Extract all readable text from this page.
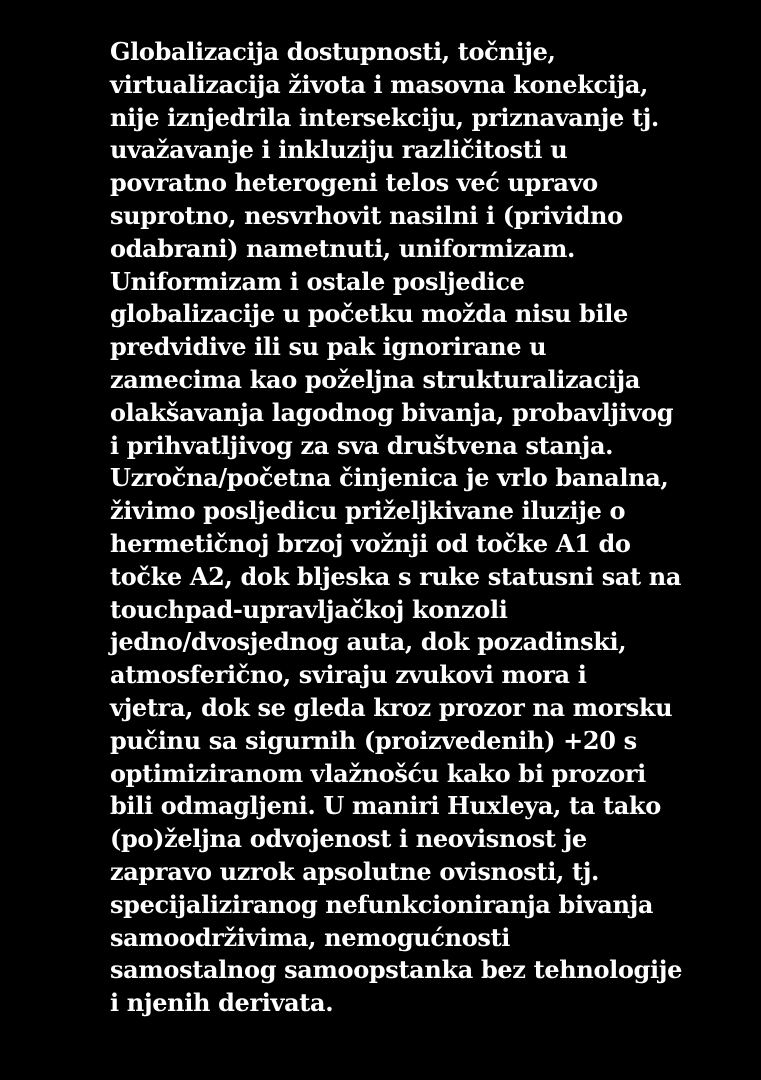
Globalizacija dostupnosti, točnije,
virtualizacija života i masovna konekcija,
nije iznjedrila intersekciju, priznavanje tj.
uvažavanje i inkluziju različitosti u
povratno heterogeni telos već upravo
suprotno, nesvrhovit nasilni i (prividno
odabrani) nametnuti, uniformizam.
Uniformizam i ostale posljedice
globalizacije u početku možda nisu bile
predvidive ili su pak ignorirane u
zamecima kao poželjna strukturalizacija
olakšavanja lagodnog bivanja, probavljivog
i prihvatljivog za sva društvena stanja.
Uzročna/početna činjenica je vrlo banalna,
živimo posljedicu priželjkivane iluzije o
hermetičnoj brzoj vožnji od točke A1 do
točke A2, dok bljeska s ruke statusni sat na
touchpad-upravljačkoj konzoli
jedno/dvosjednog auta, dok pozadinski,
atmosferično, sviraju zvukovi mora i
vjetra, dok se gleda kroz prozor na morsku
pučinu sa sigurnih (proizvedenih) +20 s
optimiziranom vlažnošću kako bi prozori
bili odmagljeni. U maniri Huxleya, ta tako
(po)željna odvojenost i neovisnost je
zapravo uzrok apsolutne ovisnosti, tj.
specijaliziranog nefunkcioniranja bivanja
samoodrživima, nemogućnosti
samostalnog samoopstanka bez tehnologije
i njenih derivata.
